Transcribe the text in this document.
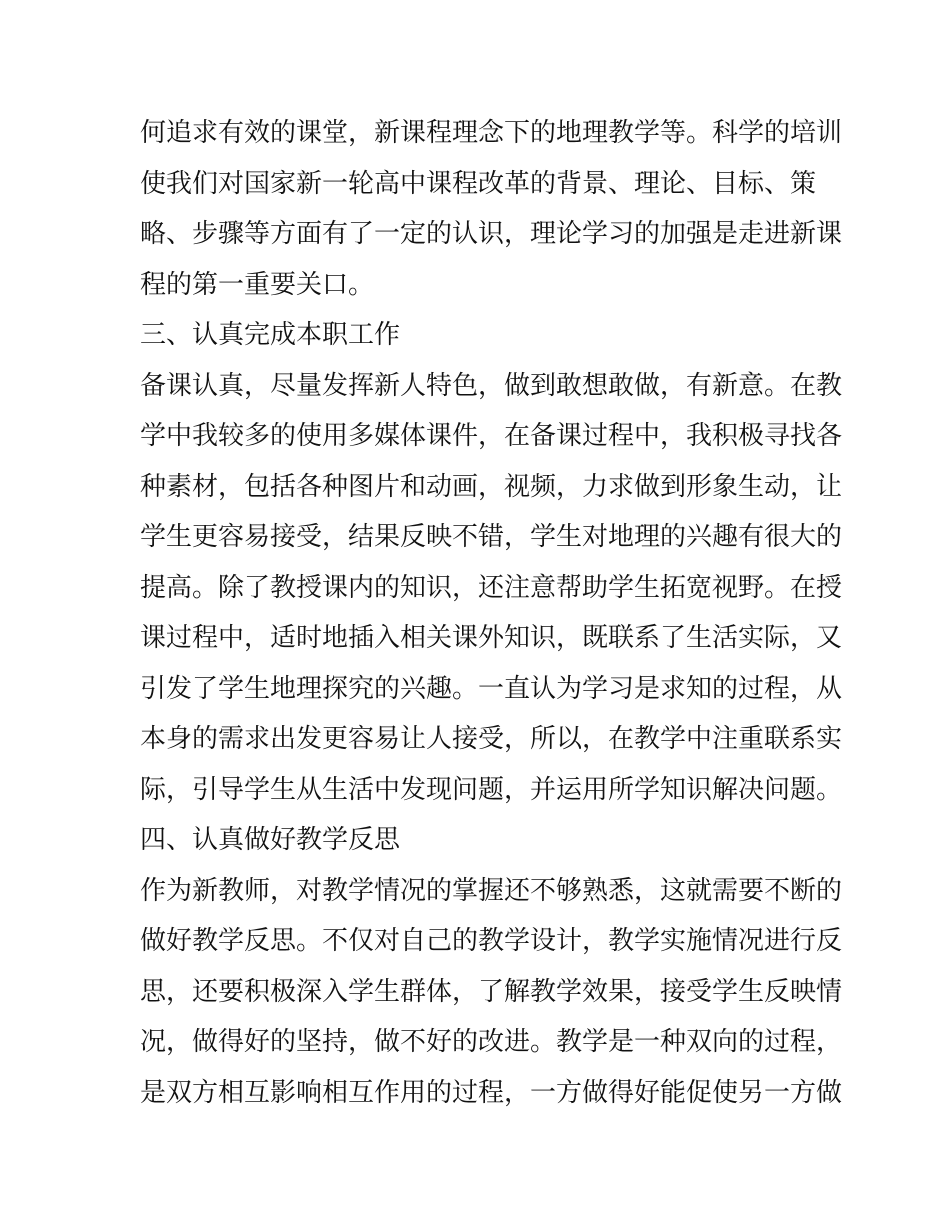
何追求有效的课堂，新课程理念下的地理教学等。科学的培训
使我们对国家新一轮高中课程改革的背景、理论、目标、策
略、步骤等方面有了一定的认识，理论学习的加强是走进新课
程的第一重要关口。
三、认真完成本职工作
备课认真，尽量发挥新人特色，做到敢想敢做，有新意。在教
学中我较多的使用多媒体课件，在备课过程中，我积极寻找各
种素材，包括各种图片和动画，视频，力求做到形象生动，让
学生更容易接受，结果反映不错，学生对地理的兴趣有很大的
提高。除了教授课内的知识，还注意帮助学生拓宽视野。在授
课过程中，适时地插入相关课外知识，既联系了生活实际，又
引发了学生地理探究的兴趣。一直认为学习是求知的过程，从
本身的需求出发更容易让人接受，所以，在教学中注重联系实
际，引导学生从生活中发现问题，并运用所学知识解决问题。
四、认真做好教学反思
作为新教师，对教学情况的掌握还不够熟悉，这就需要不断的
做好教学反思。不仅对自己的教学设计，教学实施情况进行反
思，还要积极深入学生群体，了解教学效果，接受学生反映情
况，做得好的坚持，做不好的改进。教学是一种双向的过程，
是双方相互影响相互作用的过程，一方做得好能促使另一方做
